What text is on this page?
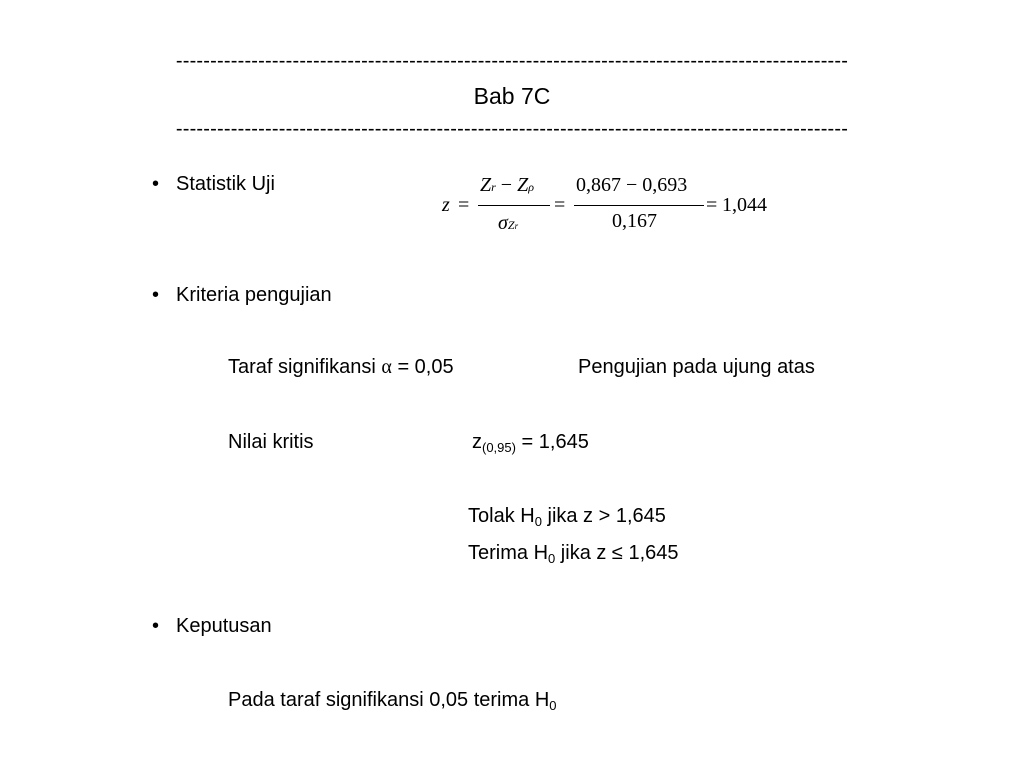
--------------------------------------------------------------------------------------------------
Bab 7C
--------------------------------------------------------------------------------------------------
• Statistik Uji
z =
Zr − Zρ
σZr
=
0,867 − 0,693
0,167
= 1,044
• Kriteria pengujian
Taraf signifikansi α = 0,05	Pengujian pada ujung atas
Nilai kritis	$z_{(0,95)} = 1,645$
Tolak $H_0$ jika z > 1,645
Terima $H_0$ jika z ≤ 1,645
• Keputusan
Pada taraf signifikansi 0,05 terima $H_0$
